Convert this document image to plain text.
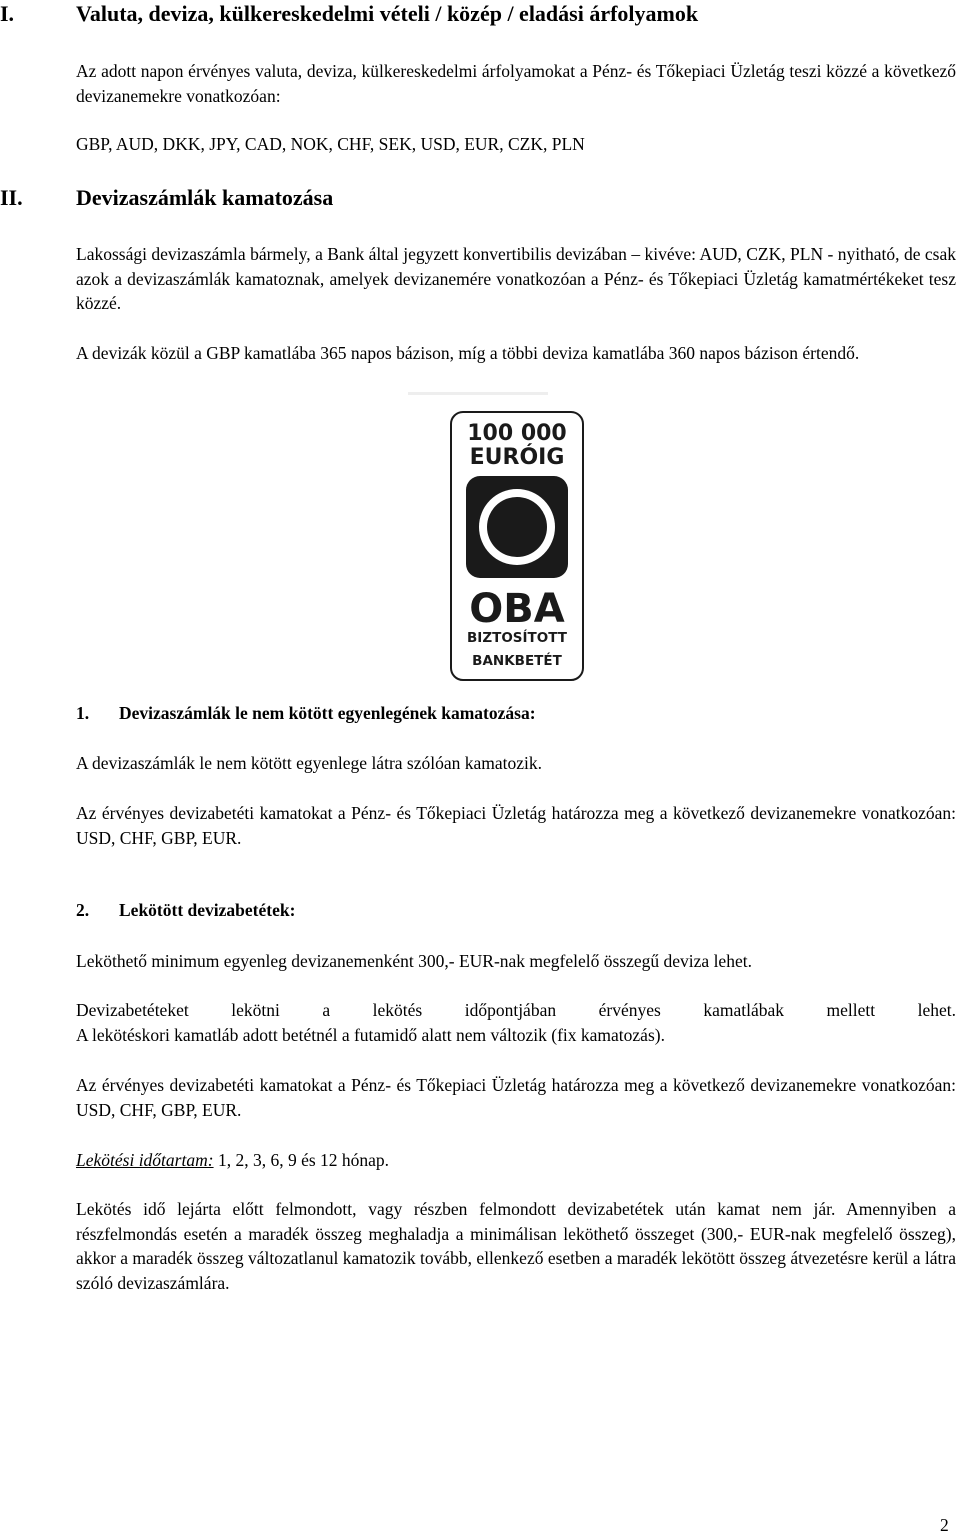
I.	Valuta, deviza, külkereskedelmi vételi / közép / eladási árfolyamok

Az adott napon érvényes valuta, deviza, külkereskedelmi árfolyamokat a Pénz- és Tőkepiaci Üzletág teszi közzé a következő devizanemekre vonatkozóan:

GBP, AUD, DKK, JPY, CAD, NOK, CHF, SEK, USD, EUR, CZK, PLN

II. Devizaszámlák kamatozása

Lakossági devizaszámla bármely, a Bank által jegyzett konvertibilis devizában – kivéve: AUD, CZK, PLN - nyitható, de csak azok a devizaszámlák kamatoznak, amelyek devizanemére vonatkozóan a Pénz- és Tőkepiaci Üzletág kamatmértékeket tesz közzé.

A devizák közül a GBP kamatlába 365 napos bázison, míg a többi deviza kamatlába 360 napos bázison értendő.

100 000
EURÓIG
OBA
BIZTOSÍTOTT
BANKBETÉT
1. Devizaszámlák le nem kötött egyenlegének kamatozása:

A devizaszámlák le nem kötött egyenlege látra szólóan kamatozik.

Az érvényes devizabetéti kamatokat a Pénz- és Tőkepiaci Üzletág határozza meg a következő devizanemekre vonatkozóan: USD, CHF, GBP, EUR.

2. Lekötött devizabetétek:

Leköthető minimum egyenleg devizanemenként 300,- EUR-nak megfelelő összegű deviza lehet.

Devizabetéteket lekötni a lekötés időpontjában érvényes kamatlábak mellett lehet.

A lekötéskori kamatláb adott betétnél a futamidő alatt nem változik (fix kamatozás).

Az érvényes devizabetéti kamatokat a Pénz- és Tőkepiaci Üzletág határozza meg a következő devizanemekre vonatkozóan: USD, CHF, GBP, EUR.

Lekötési időtartam: 1, 2, 3, 6, 9 és 12 hónap.

Lekötés idő lejárta előtt felmondott, vagy részben felmondott devizabetétek után kamat nem jár. Amennyiben a részfelmondás esetén a maradék összeg meghaladja a minimálisan leköthető összeget (300,- EUR-nak megfelelő összeg), akkor a maradék összeg változatlanul kamatozik tovább, ellenkező esetben a maradék lekötött összeg átvezetésre kerül a látra szóló devizaszámlára.

2
